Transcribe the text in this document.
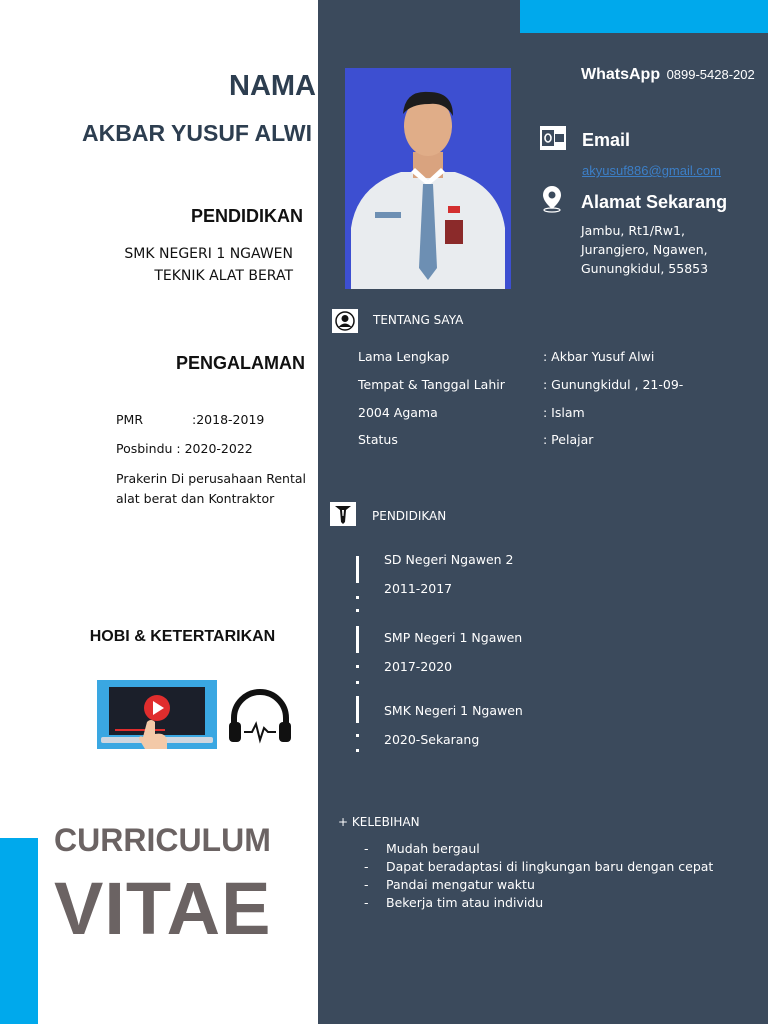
NAMA
AKBAR YUSUF ALWI
PENDIDIKAN
SMK NEGERI 1 NGAWEN
TEKNIK ALAT BERAT
PENGALAMAN
PMR	:2018-2019
Posbindu : 2020-2022
Prakerin Di perusahaan Rental alat berat dan Kontraktor
HOBI & KETERTARIKAN
CURRICULUM
VITAE
WhatsApp 0899-5428-202
Email
akyusuf886@gmail.com
Alamat Sekarang
Jambu, Rt1/Rw1,
Jurangjero, Ngawen,
Gunungkidul, 55853
TENTANG SAYA
Lama Lengkap	: Akbar Yusuf Alwi
Tempat & Tanggal Lahir	: Gunungkidul , 21-09-
2004 Agama	: Islam
Status	: Pelajar
PENDIDIKAN
SD Negeri Ngawen 2
2011-2017
SMP Negeri 1 Ngawen
2017-2020
SMK Negeri 1 Ngawen
2020-Sekarang
+ KELEBIHAN
- Mudah bergaul
- Dapat beradaptasi di lingkungan baru dengan cepat
- Pandai mengatur waktu
- Bekerja tim atau individu
